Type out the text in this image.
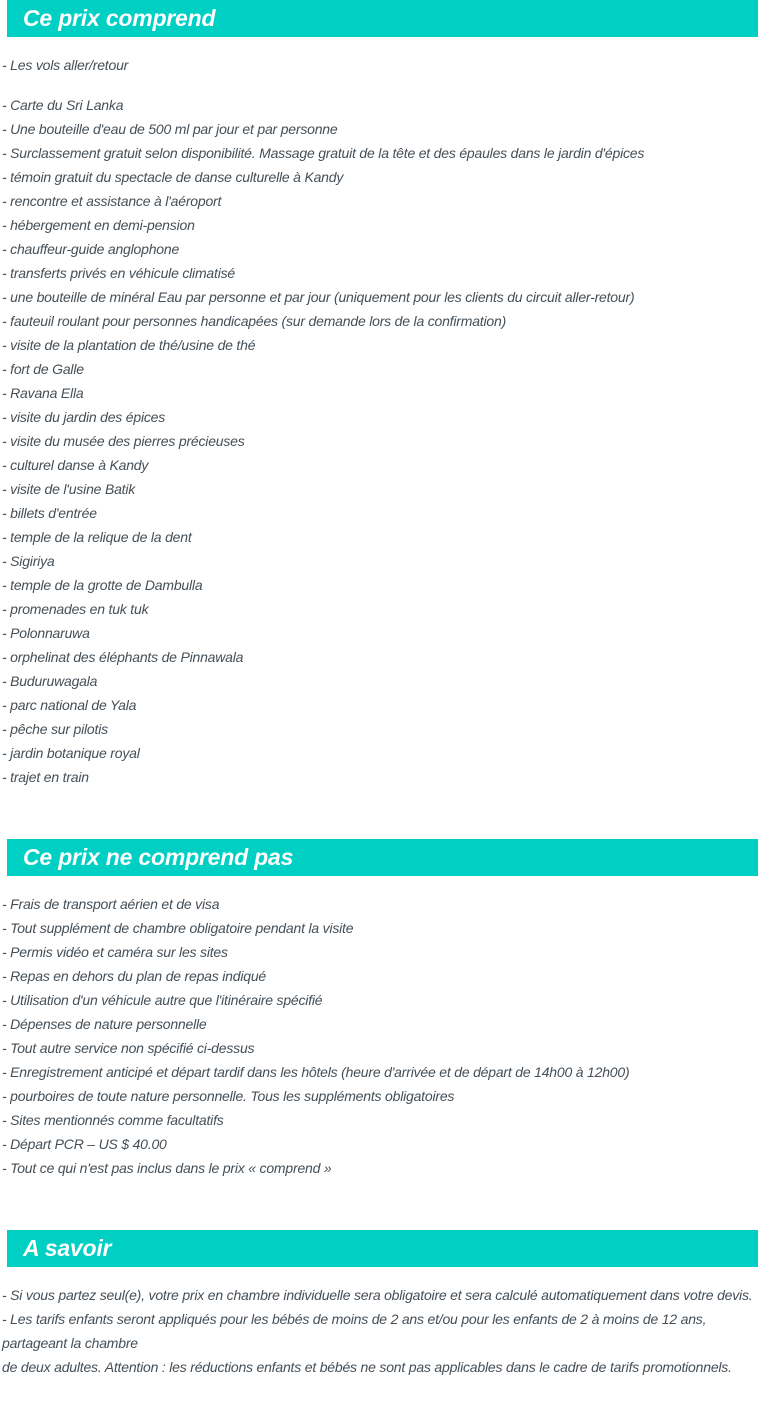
Ce prix comprend

- Les vols aller/retour

- Carte du Sri Lanka
- Une bouteille d'eau de 500 ml par jour et par personne
- Surclassement gratuit selon disponibilité. Massage gratuit de la tête et des épaules dans le jardin d'épices
- témoin gratuit du spectacle de danse culturelle à Kandy
- rencontre et assistance à l'aéroport
- hébergement en demi-pension
- chauffeur-guide anglophone
- transferts privés en véhicule climatisé
- une bouteille de minéral Eau par personne et par jour (uniquement pour les clients du circuit aller-retour)
- fauteuil roulant pour personnes handicapées (sur demande lors de la confirmation)
- visite de la plantation de thé/usine de thé
- fort de Galle
- Ravana Ella
- visite du jardin des épices
- visite du musée des pierres précieuses
- culturel danse à Kandy
- visite de l'usine Batik
- billets d'entrée
- temple de la relique de la dent
- Sigiriya
- temple de la grotte de Dambulla
- promenades en tuk tuk
- Polonnaruwa
- orphelinat des éléphants de Pinnawala
- Buduruwagala
- parc national de Yala
- pêche sur pilotis
- jardin botanique royal
- trajet en train

Ce prix ne comprend pas

- Frais de transport aérien et de visa
- Tout supplément de chambre obligatoire pendant la visite
- Permis vidéo et caméra sur les sites
- Repas en dehors du plan de repas indiqué
- Utilisation d'un véhicule autre que l'itinéraire spécifié
- Dépenses de nature personnelle
- Tout autre service non spécifié ci-dessus
- Enregistrement anticipé et départ tardif dans les hôtels (heure d'arrivée et de départ de 14h00 à 12h00)
- pourboires de toute nature personnelle. Tous les suppléments obligatoires
- Sites mentionnés comme facultatifs
- Départ PCR – US $ 40.00
- Tout ce qui n'est pas inclus dans le prix « comprend »

A savoir

- Si vous partez seul(e), votre prix en chambre individuelle sera obligatoire et sera calculé automatiquement dans votre devis.

- Les tarifs enfants seront appliqués pour les bébés de moins de 2 ans et/ou pour les enfants de 2 à moins de 12 ans, partageant la chambre

de deux adultes. Attention : les réductions enfants et bébés ne sont pas applicables dans le cadre de tarifs promotionnels.
